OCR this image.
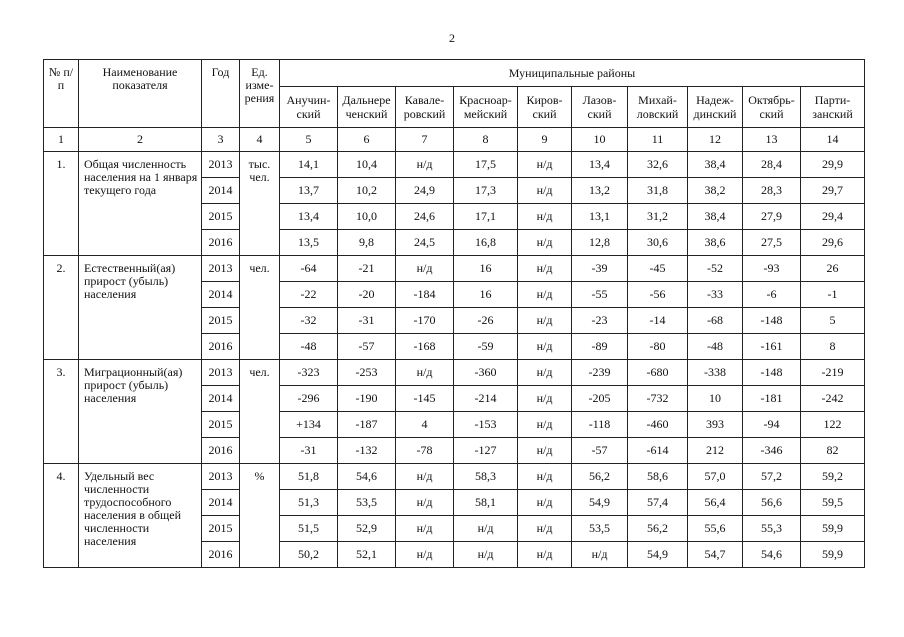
2
№ п/п	Наименование показателя	Год	Ед. изме-рения	Муниципальные районы									
				Анучин-ский	Дальнере ченский	Кавале-ровский	Красноар-мейский	Киров-ский	Лазов-ский	Михай-ловский	Надеж-динский	Октябрь-ский	Парти-занский
1	2	3	4	5	6	7	8	9	10	11	12	13	14
1.	Общая численность населения на 1 января текущего года	2013	тыс. чел.	14,1	10,4	н/д	17,5	н/д	13,4	32,6	38,4	28,4	29,9
		2014		13,7	10,2	24,9	17,3	н/д	13,2	31,8	38,2	28,3	29,7
		2015		13,4	10,0	24,6	17,1	н/д	13,1	31,2	38,4	27,9	29,4
		2016		13,5	9,8	24,5	16,8	н/д	12,8	30,6	38,6	27,5	29,6
2.	Естественный(ая) прирост (убыль) населения	2013	чел.	-64	-21	н/д	16	н/д	-39	-45	-52	-93	26
		2014		-22	-20	-184	16	н/д	-55	-56	-33	-6	-1
		2015		-32	-31	-170	-26	н/д	-23	-14	-68	-148	5
		2016		-48	-57	-168	-59	н/д	-89	-80	-48	-161	8
3.	Миграционный(ая) прирост (убыль) населения	2013	чел.	-323	-253	н/д	-360	н/д	-239	-680	-338	-148	-219
		2014		-296	-190	-145	-214	н/д	-205	-732	10	-181	-242
		2015		+134	-187	4	-153	н/д	-118	-460	393	-94	122
		2016		-31	-132	-78	-127	н/д	-57	-614	212	-346	82
4.	Удельный вес численности трудоспособного населения в общей численности населения	2013	%	51,8	54,6	н/д	58,3	н/д	56,2	58,6	57,0	57,2	59,2
		2014		51,3	53,5	н/д	58,1	н/д	54,9	57,4	56,4	56,6	59,5
		2015		51,5	52,9	н/д	н/д	н/д	53,5	56,2	55,6	55,3	59,9
		2016		50,2	52,1	н/д	н/д	н/д	н/д	54,9	54,7	54,6	59,9
